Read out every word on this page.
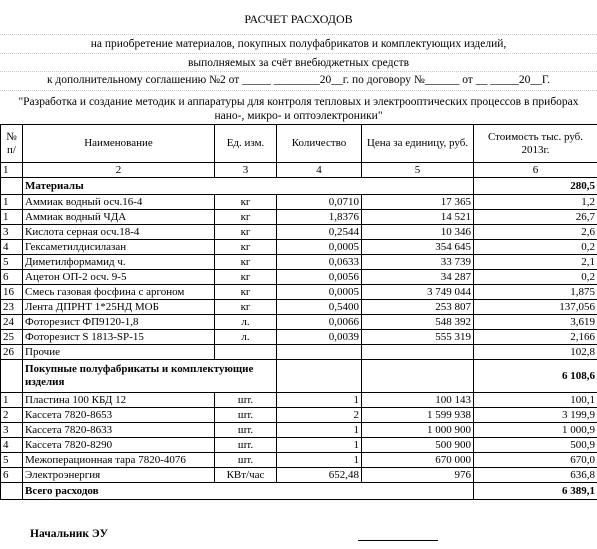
РАСЧЕТ РАСХОДОВ
на приобретение материалов, покупных полуфабрикатов и комплектующих изделий,
выполняемых за счёт внебюджетных средств
к дополнительному соглашению №2 от _____ ________20__г. по договору №______ от __ _____20__Г.
"Разработка и создание методик и аппаратуры для контроля тепловых и электрооптических процессов в приборах нано-, микро- и оптоэлектроники"
№ п/	Наименование	Ед. изм.	Количество	Цена за единицу, руб.	Стоимость тыс. руб. 2013г.
1	2	3	4	5	6
	Материалы				280,5
1	Аммиак водный осч.16-4	кг	0,0710	17 365	1,2
1	Аммиак водный ЧДА	кг	1,8376	14 521	26,7
3	Кислота серная осч.18-4	кг	0,2544	10 346	2,6
4	Гексаметилдисилазан	кг	0,0005	354 645	0,2
5	Диметилформамид ч.	кг	0,0633	33 739	2,1
6	Ацетон ОП-2 осч. 9-5	кг	0,0056	34 287	0,2
16	Смесь газовая фосфина с аргоном	кг	0,0005	3 749 044	1,875
23	Лента ДПРНТ 1*25НД МОБ	кг	0,5400	253 807	137,056
24	Фоторезист ФП9120-1,8	л.	0,0066	548 392	3,619
25	Фоторезист S 1813-SP-15	л.	0,0039	555 319	2,166
26	Прочие				102,8
	Покупные полуфабрикаты и комплектующие изделия				6 108,6
1	Пластина 100 КБД 12	шт.	1	100 143	100,1
2	Кассета 7820-8653	шт.	2	1 599 938	3 199,9
3	Кассета 7820-8633	шт.	1	1 000 900	1 000,9
4	Кассета 7820-8290	шт.	1	500 900	500,9
5	Межоперационная тара 7820-4076	шт.	1	670 000	670,0
6	Электроэнергия	КВт/час	652,48	976	636,8
	Всего расходов				6 389,1
Начальник ЭУ
